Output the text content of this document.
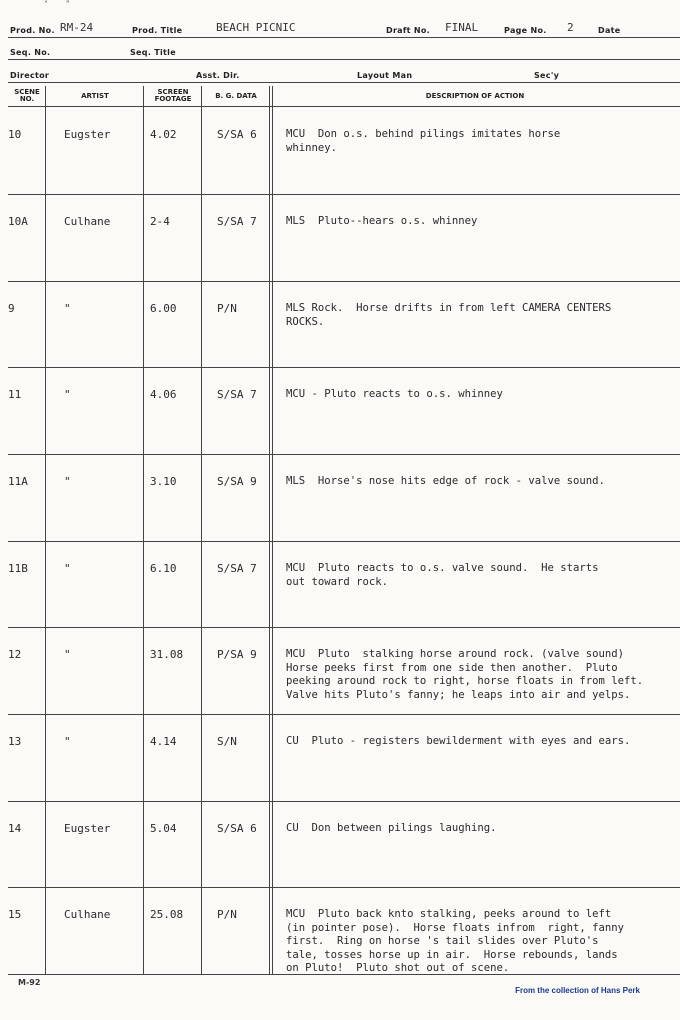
˅ ʺ
Prod. No. RM-24	Prod. Title	BEACH PICNIC	Draft No. FINAL	Page No. 2	Date
Seq. No.	Seq. Title
Director	Asst. Dir.	Layout Man	Sec'y
SCENE NO.	ARTIST	SCREEN FOOTAGE	B. G. DATA	DESCRIPTION OF ACTION
10	Eugster	4.02	S/SA 6	MCU  Don o.s. behind pilings imitates horse
whinney.
10A	Culhane	2-4	S/SA 7	MLS  Pluto--hears o.s. whinney
9	"	6.00	P/N	MLS Rock.  Horse drifts in from left CAMERA CENTERS
ROCKS.
11	"	4.06	S/SA 7	MCU - Pluto reacts to o.s. whinney
11A	"	3.10	S/SA 9	MLS  Horse's nose hits edge of rock - valve sound.
11B	"	6.10	S/SA 7	MCU  Pluto reacts to o.s. valve sound.  He starts
out toward rock.
12	"	31.08	P/SA 9	MCU  Pluto  stalking horse around rock. (valve sound)
Horse peeks first from one side then another.  Pluto
peeking around rock to right, horse floats in from left.
Valve hits Pluto's fanny; he leaps into air and yelps.
13	"	4.14	S/N	CU  Pluto - registers bewilderment with eyes and ears.
14	Eugster	5.04	S/SA 6	CU  Don between pilings laughing.
15	Culhane	25.08	P/N	MCU  Pluto back knto stalking, peeks around to left
(in pointer pose).  Horse floats infrom  right, fanny
first.  Ring on horse 's tail slides over Pluto's
tale, tosses horse up in air.  Horse rebounds, lands
on Pluto!  Pluto shot out of scene.
M-92
From the collection of Hans Perk
